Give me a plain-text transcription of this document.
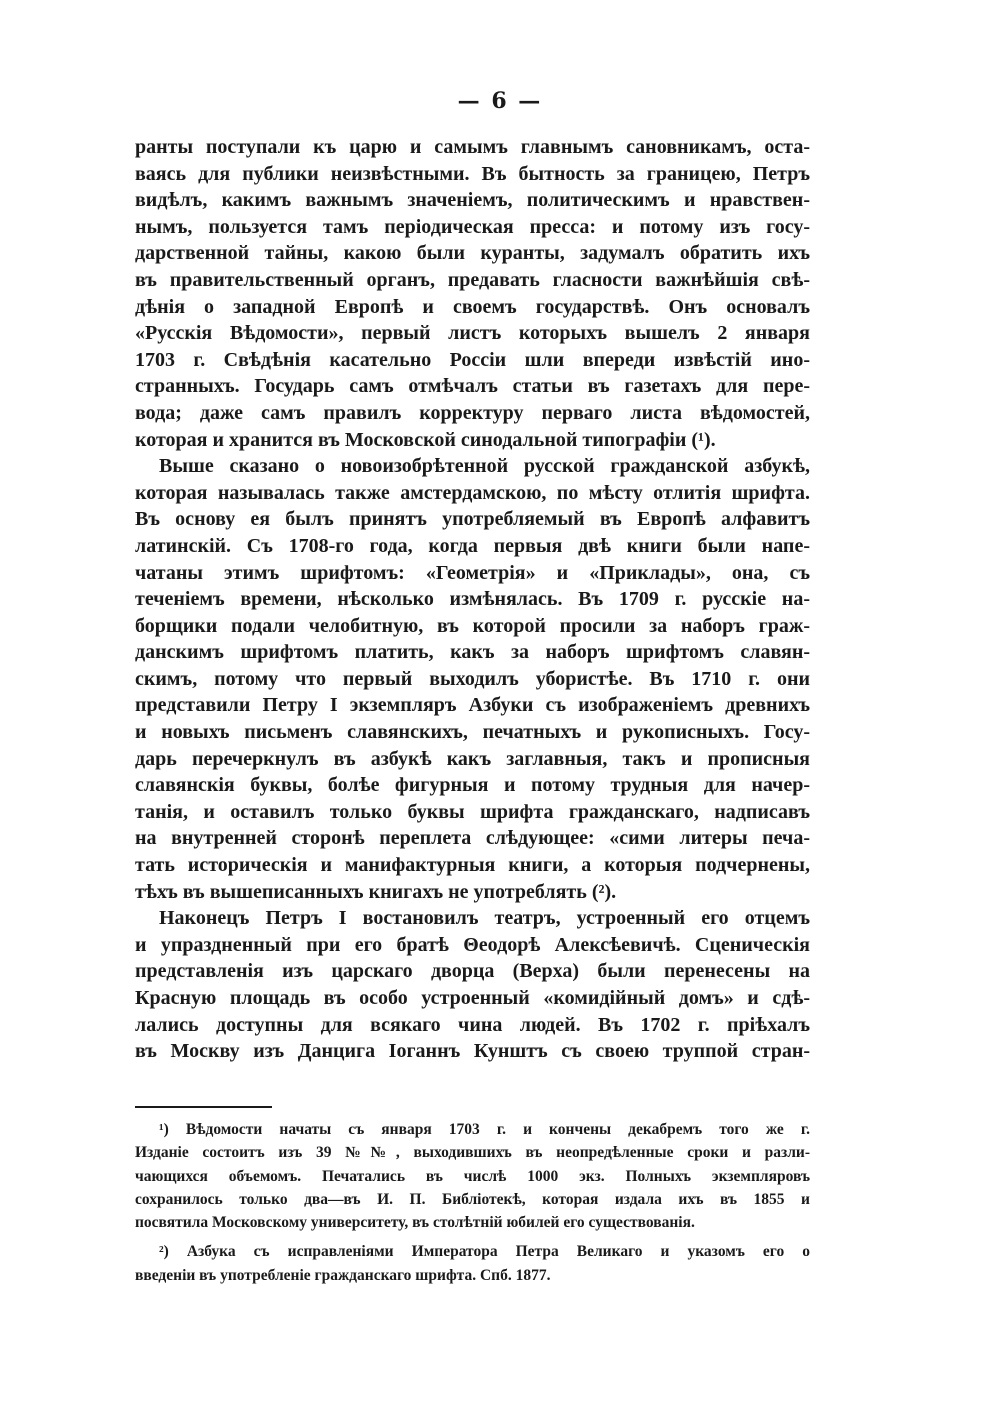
— 6 —
ранты поступали къ царю и самымъ главнымъ сановникамъ, оста-
ваясь для публики неизвѣстными. Въ бытность за границею, Петръ
видѣлъ, какимъ важнымъ значеніемъ, политическимъ и нравствен-
нымъ, пользуется тамъ періодическая пресса: и потому изъ госу-
дарственной тайны, какою были куранты, задумалъ обратить ихъ
въ правительственный органъ, предавать гласности важнѣйшія свѣ-
дѣнія о западной Европѣ и своемъ государствѣ. Онъ основалъ
«Русскія Вѣдомости», первый листъ которыхъ вышелъ 2 января
1703 г. Свѣдѣнія касательно Россіи шли впереди извѣстій ино-
странныхъ. Государь самъ отмѣчалъ статьи въ газетахъ для пере-
вода; даже самъ правилъ корректуру перваго листа вѣдомостей,
которая и хранится въ Московской синодальной типографіи (¹).
Выше сказано о новоизобрѣтенной русской гражданской азбукѣ,
которая называлась также амстердамскою, по мѣсту отлитія шрифта.
Въ основу ея былъ принятъ употребляемый въ Европѣ алфавитъ
латинскій. Съ 1708-го года, когда первыя двѣ книги были напе-
чатаны этимъ шрифтомъ: «Геометрія» и «Приклады», она, съ
теченіемъ времени, нѣсколько измѣнялась. Въ 1709 г. русскіе на-
борщики подали челобитную, въ которой просили за наборъ граж-
данскимъ шрифтомъ платить, какъ за наборъ шрифтомъ славян-
скимъ, потому что первый выходилъ убористѣе. Въ 1710 г. они
представили Петру I экземпляръ Азбуки съ изображеніемъ древнихъ
и новыхъ письменъ славянскихъ, печатныхъ и рукописныхъ. Госу-
дарь перечеркнулъ въ азбукѣ какъ заглавныя, такъ и прописныя
славянскія буквы, болѣе фигурныя и потому трудныя для начер-
танія, и оставилъ только буквы шрифта гражданскаго, надписавъ
на внутренней сторонѣ переплета слѣдующее: «сими литеры печа-
тать историческія и манифактурныя книги, а которыя подчернены,
тѣхъ въ вышеписанныхъ книгахъ не употреблять (²).
Наконецъ Петръ I востановилъ театръ, устроенный его отцемъ
и упраздненный при его братѣ Θеодорѣ Алексѣевичѣ. Сценическія
представленія изъ царскаго дворца (Верха) были перенесены на
Красную площадь въ особо устроенный «комидійный домъ» и сдѣ-
лались доступны для всякаго чина людей. Въ 1702 г. пріѣхалъ
въ Москву изъ Данцига Іоганнъ Кунштъ съ своею труппой стран-
¹) Вѣдомости начаты съ января 1703 г. и кончены декабремъ того же г.
Изданіе состоитъ изъ 39 №№, выходившихъ въ неопредѣленные сроки и разли-
чающихся объемомъ. Печатались въ числѣ 1000 экз. Полныхъ экземпляровъ
сохранилось только два—въ И. П. Библіотекѣ, которая издала ихъ въ 1855 и
посвятила Московскому университету, въ столѣтній юбилей его существованія.
²) Азбука съ исправленіями Императора Петра Великаго и указомъ его о
введеніи въ употребленіе гражданскаго шрифта. Спб. 1877.
